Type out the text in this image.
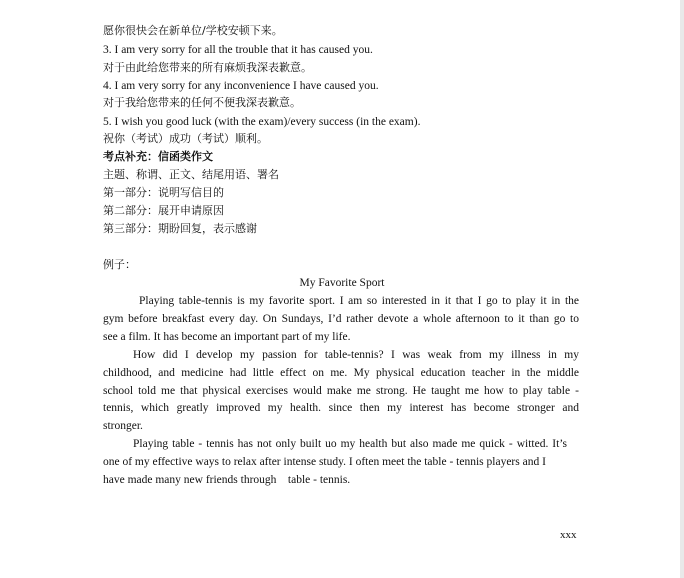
愿你很快会在新单位/学校安顿下来。
3. I am very sorry for all the trouble that it has caused you.
对于由此给您带来的所有麻烦我深表歉意。
4. I am very sorry for any inconvenience I have caused you.
对于我给您带来的任何不便我深表歉意。
5. I wish you good luck (with the exam)/every success (in the exam).
祝你（考试）成功（考试）顺利。
考点补充：信函类作文
主题、称谓、正文、结尾用语、署名
第一部分：说明写信目的
第二部分：展开申请原因
第三部分：期盼回复，表示感谢
例子：
My Favorite Sport
Playing table-tennis is my favorite sport. I am so interested in it that I go to play it in the
gym before breakfast every day. On Sundays, I’d rather devote a whole afternoon to it than go to
see a film. It has become an important part of my life.
How did I develop my passion for table-tennis? I was weak from my illness in my
childhood, and medicine had little effect on me. My physical education teacher in the middle
school told me that physical exercises would make me strong. He taught me how to play table -
tennis, which greatly improved my health. since then my interest has become stronger and
stronger.
Playing table - tennis has not only built uo my health but also made me quick - witted. It’s
one of my effective ways to relax after intense study. I often meet the table - tennis players and I
have made many new friends through    table - tennis.
xxx
